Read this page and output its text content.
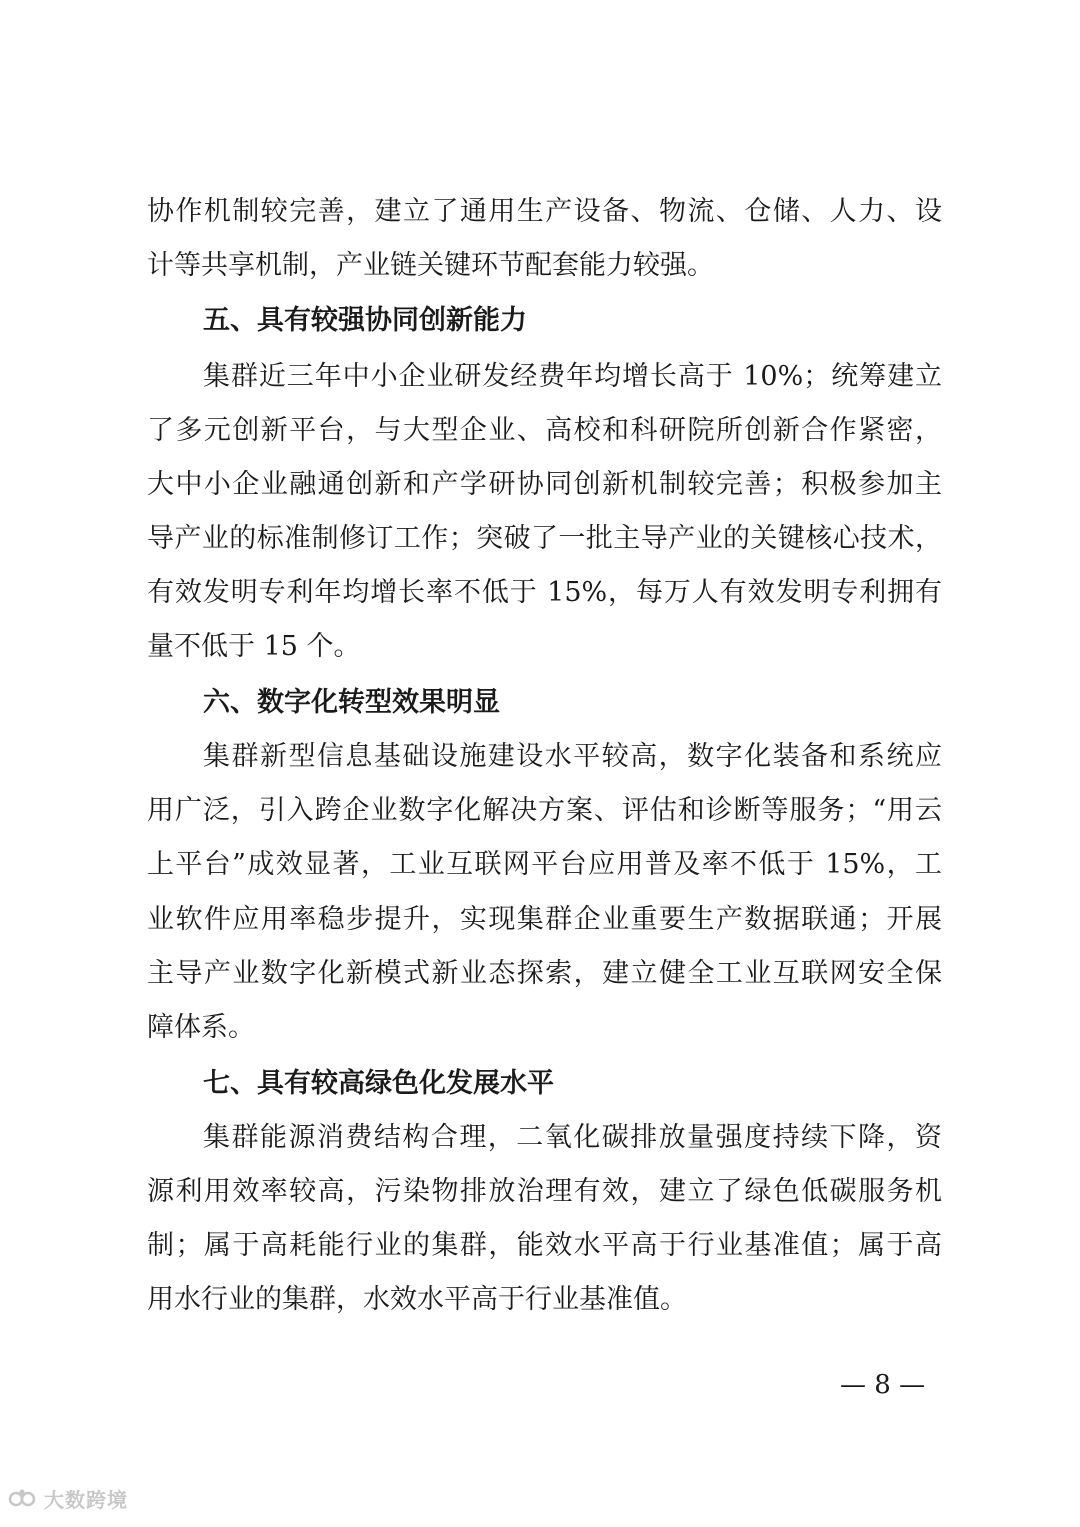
协作机制较完善，建立了通用生产设备、物流、仓储、人力、设
计等共享机制，产业链关键环节配套能力较强。
五、具有较强协同创新能力
集群近三年中小企业研发经费年均增长高于 10%；统筹建立
了多元创新平台，与大型企业、高校和科研院所创新合作紧密，
大中小企业融通创新和产学研协同创新机制较完善；积极参加主
导产业的标准制修订工作；突破了一批主导产业的关键核心技术，
有效发明专利年均增长率不低于 15%，每万人有效发明专利拥有
量不低于 15 个。
六、数字化转型效果明显
集群新型信息基础设施建设水平较高，数字化装备和系统应
用广泛，引入跨企业数字化解决方案、评估和诊断等服务；“用云
上平台”成效显著，工业互联网平台应用普及率不低于 15%，工
业软件应用率稳步提升，实现集群企业重要生产数据联通；开展
主导产业数字化新模式新业态探索，建立健全工业互联网安全保
障体系。
七、具有较高绿色化发展水平
集群能源消费结构合理，二氧化碳排放量强度持续下降，资
源利用效率较高，污染物排放治理有效，建立了绿色低碳服务机
制；属于高耗能行业的集群，能效水平高于行业基准值；属于高
用水行业的集群，水效水平高于行业基准值。
— 8 —
大数跨境
